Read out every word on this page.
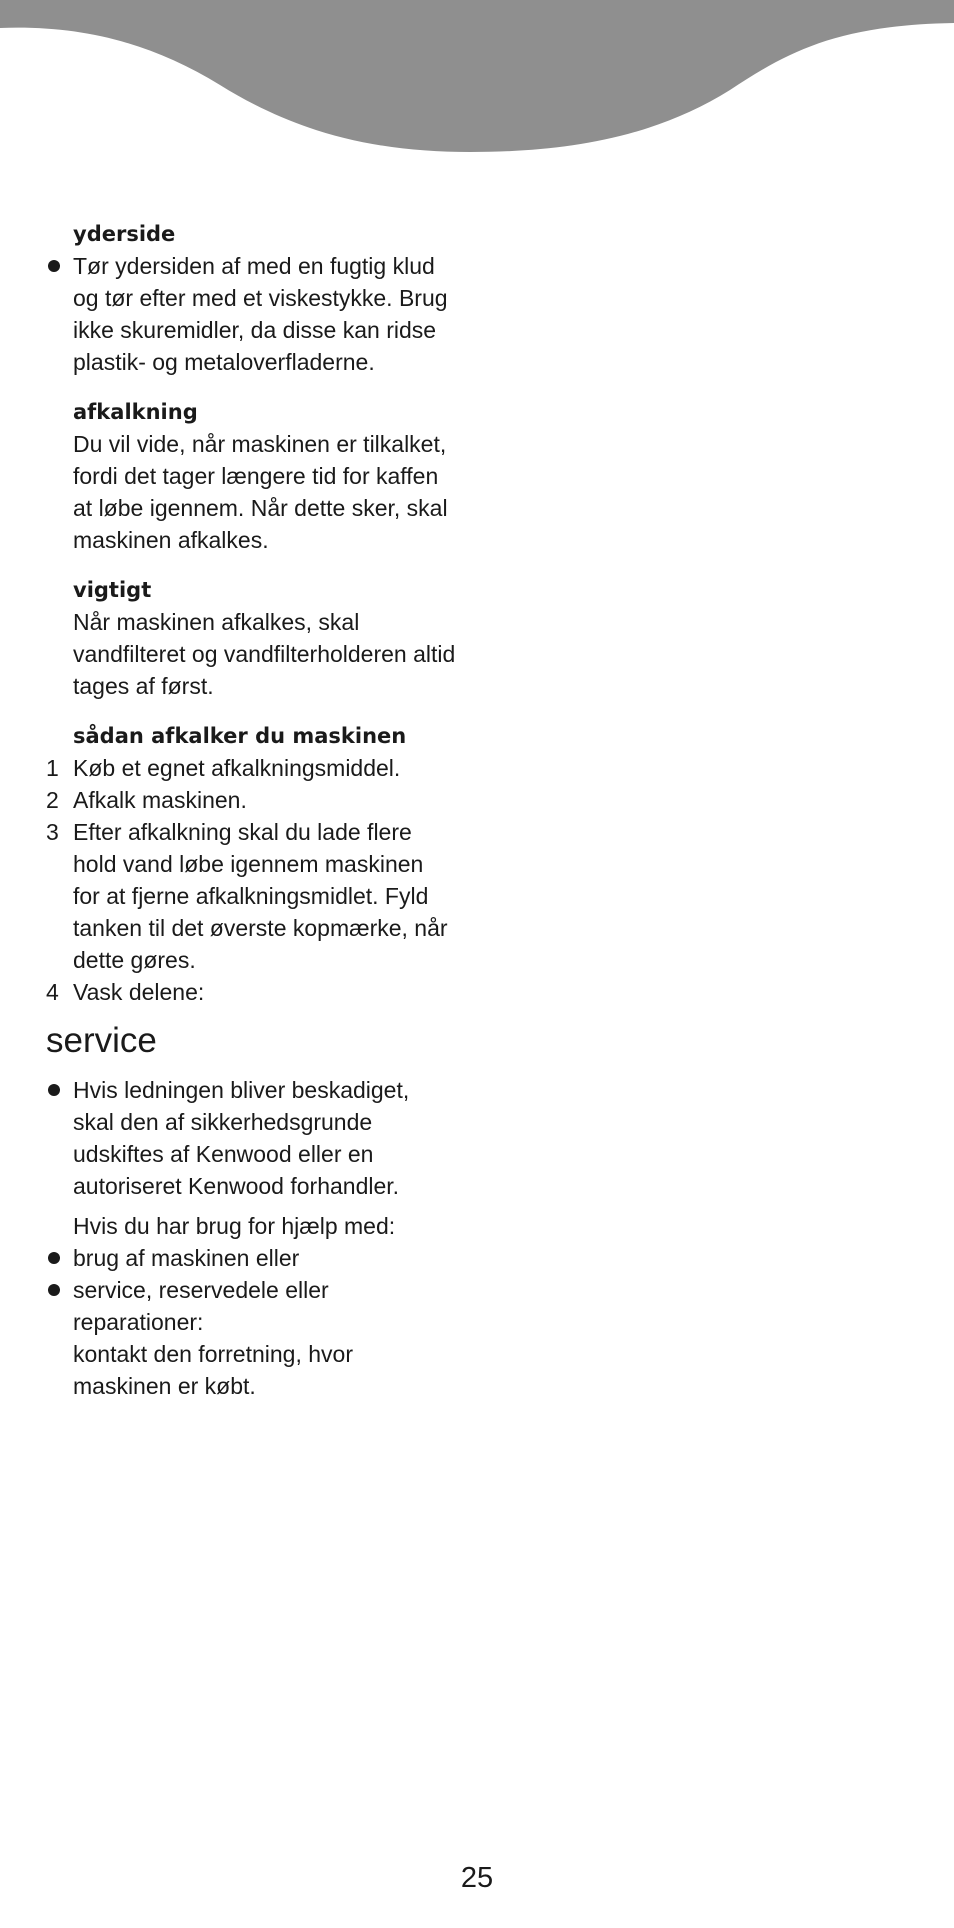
yderside
Tør ydersiden af med en fugtig klud
og tør efter med et viskestykke. Brug
ikke skuremidler, da disse kan ridse
plastik- og metaloverfladerne.
afkalkning
Du vil vide, når maskinen er tilkalket,
fordi det tager længere tid for kaffen
at løbe igennem. Når dette sker, skal
maskinen afkalkes.
vigtigt
Når maskinen afkalkes, skal
vandfilteret og vandfilterholderen altid
tages af først.
sådan afkalker du maskinen
1 Køb et egnet afkalkningsmiddel.
2 Afkalk maskinen.
3 Efter afkalkning skal du lade flere
hold vand løbe igennem maskinen
for at fjerne afkalkningsmidlet. Fyld
tanken til det øverste kopmærke, når
dette gøres.
4 Vask delene:
service
Hvis ledningen bliver beskadiget,
skal den af sikkerhedsgrunde
udskiftes af Kenwood eller en
autoriseret Kenwood forhandler.
Hvis du har brug for hjælp med:
brug af maskinen eller
service, reservedele eller
reparationer:
kontakt den forretning, hvor
maskinen er købt.
25
